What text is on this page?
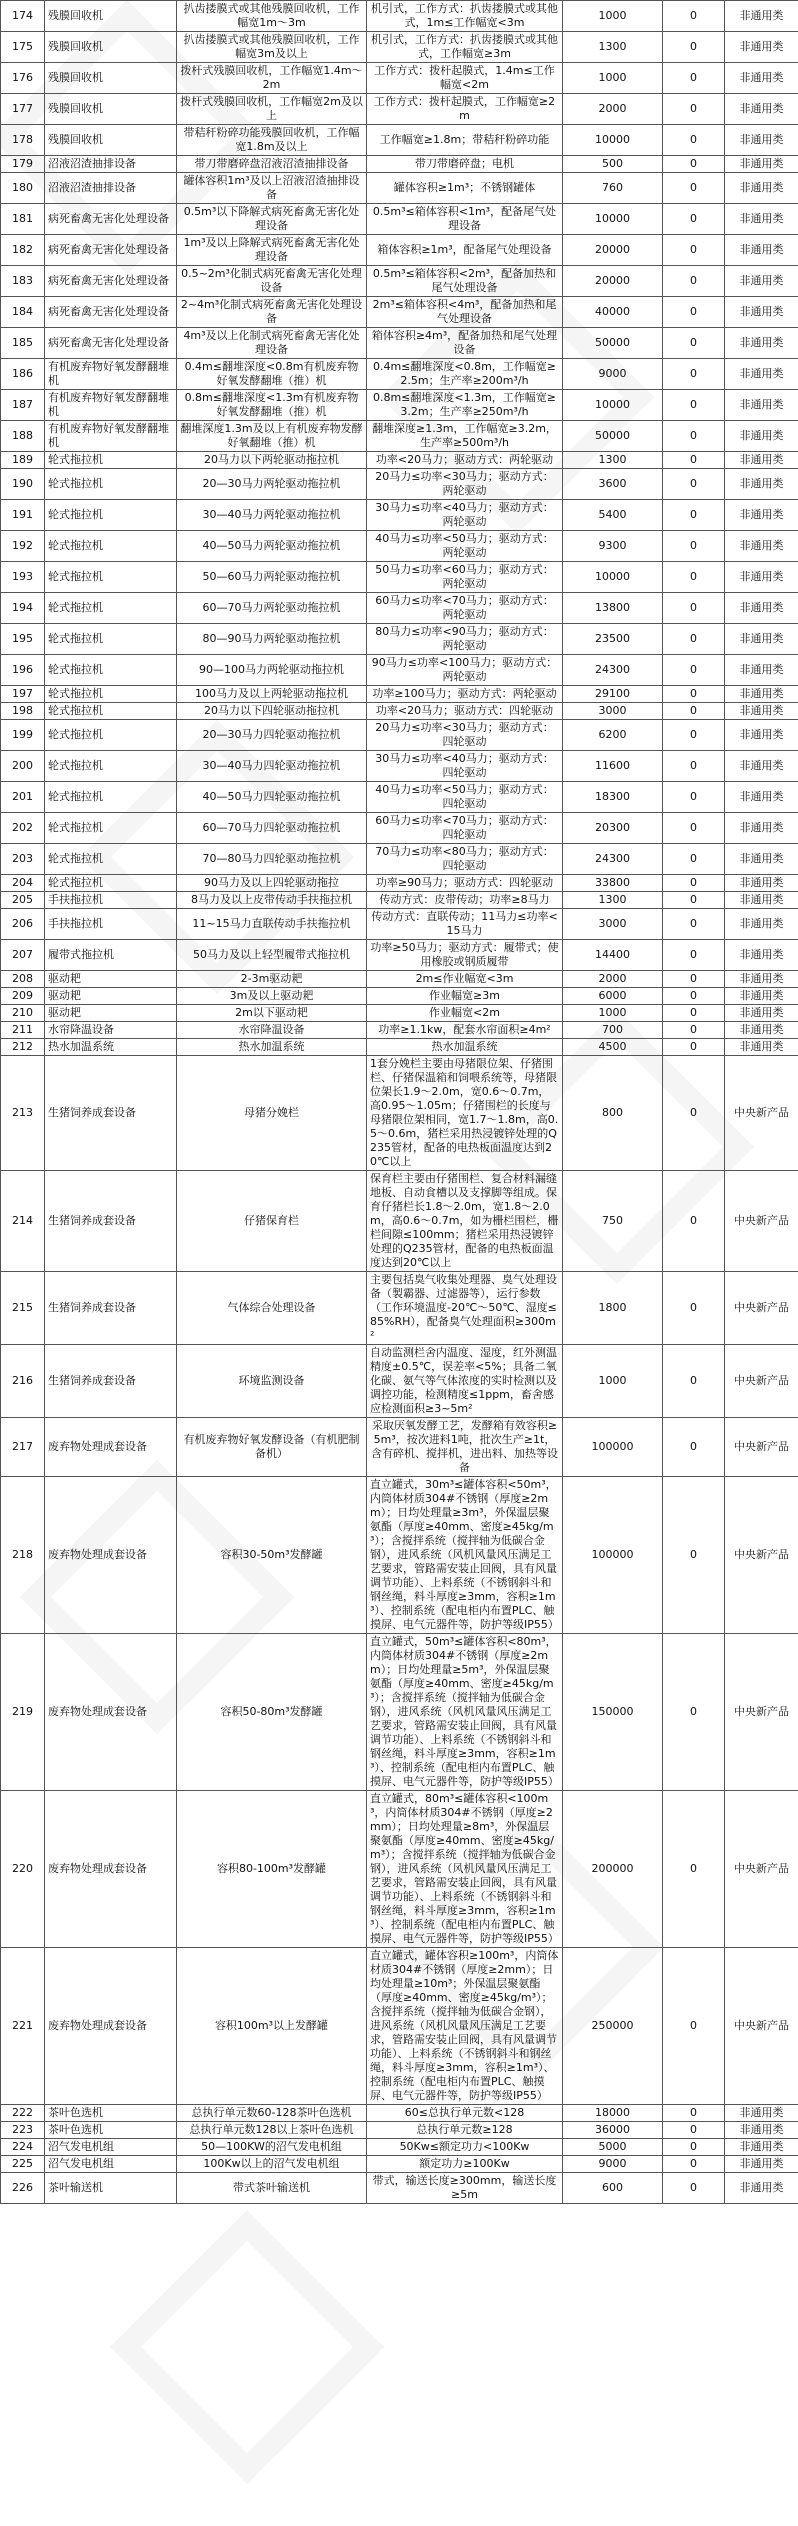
174	残膜回收机	扒齿搂膜式或其他残膜回收机，工作幅宽1m～3m	机引式，工作方式：扒齿搂膜式或其他式，1m≤工作幅宽<3m	1000	0	非通用类
175	残膜回收机	扒齿搂膜式或其他残膜回收机，工作幅宽3m及以上	机引式，工作方式：扒齿搂膜式或其他式，工作幅宽≥3m	1300	0	非通用类
176	残膜回收机	拨杆式残膜回收机，工作幅宽1.4m～2m	工作方式：拨杆起膜式，1.4m≤工作幅宽<2m	1000	0	非通用类
177	残膜回收机	拨杆式残膜回收机，工作幅宽2m及以上	工作方式：拨杆起膜式，工作幅宽≥2m	2000	0	非通用类
178	残膜回收机	带秸秆粉碎功能残膜回收机，工作幅宽1.8m及以上	工作幅宽≥1.8m；带秸秆粉碎功能	10000	0	非通用类
179	沼液沼渣抽排设备	带刀带磨碎盘沼液沼渣抽排设备	带刀带磨碎盘；电机	500	0	非通用类
180	沼液沼渣抽排设备	罐体容积1m³及以上沼液沼渣抽排设备	罐体容积≥1m³；不锈钢罐体	760	0	非通用类
181	病死畜禽无害化处理设备	0.5m³以下降解式病死畜禽无害化处理设备	0.5m³≤箱体容积<1m³，配备尾气处理设备	10000	0	非通用类
182	病死畜禽无害化处理设备	1m³及以上降解式病死畜禽无害化处理设备	箱体容积≥1m³，配备尾气处理设备	20000	0	非通用类
183	病死畜禽无害化处理设备	0.5~2m³化制式病死畜禽无害化处理设备	0.5m³≤箱体容积<2m³，配备加热和尾气处理设备	20000	0	非通用类
184	病死畜禽无害化处理设备	2~4m³化制式病死畜禽无害化处理设备	2m³≤箱体容积<4m³，配备加热和尾气处理设备	40000	0	非通用类
185	病死畜禽无害化处理设备	4m³及以上化制式病死畜禽无害化处理设备	箱体容积≥4m³，配备加热和尾气处理设备	50000	0	非通用类
186	有机废弃物好氧发酵翻堆机	0.4m≤翻堆深度<0.8m有机废弃物好氧发酵翻堆（推）机	0.4m≤翻堆深度<0.8m，工作幅宽≥2.5m；生产率≥200m³/h	9000	0	非通用类
187	有机废弃物好氧发酵翻堆机	0.8m≤翻堆深度<1.3m有机废弃物好氧发酵翻堆（推）机	0.8m≤翻堆深度<1.3m，工作幅宽≥3.2m；生产率≥250m³/h	10000	0	非通用类
188	有机废弃物好氧发酵翻堆机	翻堆深度1.3m及以上有机废弃物发酵好氧翻堆（推）机	翻堆深度≥1.3m，工作幅宽≥3.2m，生产率≥500m³/h	50000	0	非通用类
189	轮式拖拉机	20马力以下两轮驱动拖拉机	功率<20马力；驱动方式：两轮驱动	1300	0	非通用类
190	轮式拖拉机	20—30马力两轮驱动拖拉机	20马力≤功率<30马力；驱动方式：两轮驱动	3600	0	非通用类
191	轮式拖拉机	30—40马力两轮驱动拖拉机	30马力≤功率<40马力；驱动方式：两轮驱动	5400	0	非通用类
192	轮式拖拉机	40—50马力两轮驱动拖拉机	40马力≤功率<50马力；驱动方式：两轮驱动	9300	0	非通用类
193	轮式拖拉机	50—60马力两轮驱动拖拉机	50马力≤功率<60马力；驱动方式：两轮驱动	10000	0	非通用类
194	轮式拖拉机	60—70马力两轮驱动拖拉机	60马力≤功率<70马力；驱动方式：两轮驱动	13800	0	非通用类
195	轮式拖拉机	80—90马力两轮驱动拖拉机	80马力≤功率<90马力；驱动方式：两轮驱动	23500	0	非通用类
196	轮式拖拉机	90—100马力两轮驱动拖拉机	90马力≤功率<100马力；驱动方式：两轮驱动	24300	0	非通用类
197	轮式拖拉机	100马力及以上两轮驱动拖拉机	功率≥100马力；驱动方式：两轮驱动	29100	0	非通用类
198	轮式拖拉机	20马力以下四轮驱动拖拉机	功率<20马力；驱动方式：四轮驱动	3000	0	非通用类
199	轮式拖拉机	20—30马力四轮驱动拖拉机	20马力≤功率<30马力；驱动方式：四轮驱动	6200	0	非通用类
200	轮式拖拉机	30—40马力四轮驱动拖拉机	30马力≤功率<40马力；驱动方式：四轮驱动	11600	0	非通用类
201	轮式拖拉机	40—50马力四轮驱动拖拉机	40马力≤功率<50马力；驱动方式：四轮驱动	18300	0	非通用类
202	轮式拖拉机	60—70马力四轮驱动拖拉机	60马力≤功率<70马力；驱动方式：四轮驱动	20300	0	非通用类
203	轮式拖拉机	70—80马力四轮驱动拖拉机	70马力≤功率<80马力；驱动方式：四轮驱动	24300	0	非通用类
204	轮式拖拉机	90马力及以上四轮驱动拖拉	功率≥90马力；驱动方式：四轮驱动	33800	0	非通用类
205	手扶拖拉机	8马力及以上皮带传动手扶拖拉机	传动方式：皮带传动；功率≥8马力	1300	0	非通用类
206	手扶拖拉机	11~15马力直联传动手扶拖拉机	传动方式：直联传动；11马力≤功率<15马力	3000	0	非通用类
207	履带式拖拉机	50马力及以上轻型履带式拖拉机	功率≥50马力；驱动方式：履带式；使用橡胶或钢质履带	14400	0	非通用类
208	驱动耙	2-3m驱动耙	2m≤作业幅宽<3m	2000	0	非通用类
209	驱动耙	3m及以上驱动耙	作业幅宽≥3m	6000	0	非通用类
210	驱动耙	2m以下驱动耙	作业幅宽<2m	1000	0	非通用类
211	水帘降温设备	水帘降温设备	功率≥1.1kw，配套水帘面积≥4m²	700	0	非通用类
212	热水加温系统	热水加温系统	热水加温系统	4500	0	非通用类
213	生猪饲养成套设备	母猪分娩栏	1套分娩栏主要由母猪限位架、仔猪围栏、仔猪保温箱和饲喂系统等，母猪限位架长1.9～2.0m，宽0.6～0.7m，高0.95～1.05m；仔猪围栏的长度与母猪限位架相同，宽1.7～1.8m，高0.5～0.6m，猪栏采用热浸镀锌处理的Q235管材，配备的电热板面温度达到20℃以上	800	0	中央新产品
214	生猪饲养成套设备	仔猪保育栏	保育栏主要由仔猪围栏、复合材料漏缝地板、自动食槽以及支撑脚等组成。保育仔猪栏长1.8～2.0m，宽1.8～2.0m，高0.6～0.7m，如为栅栏围栏，栅栏间隙≤100mm；猪栏采用热浸镀锌处理的Q235管材，配备的电热板面温度达到20℃以上	750	0	中央新产品
215	生猪饲养成套设备	气体综合处理设备	主要包括臭气收集处理器、臭气处理设备（製霸器、过滤器等），运行参数（工作环境温度-20℃～50℃、湿度≤85%RH），配备臭气处理面积≥300m²	1800	0	中央新产品
216	生猪饲养成套设备	环境监测设备	自动监测栏舍内温度、湿度，红外测温精度±0.5℃，误差率<5%；具备二氧化碳、氨气等气体浓度的实时检测以及调控功能，检测精度≤1ppm，畜舍感应检测面积≥3~5m²	1000	0	中央新产品
217	废弃物处理成套设备	有机废弃物好氧发酵设备（有机肥制备机）	采取厌氧发酵工艺，发酵箱有效容积≥5m³，按次进料1吨，批次生产≥1t，含有碎机、搅拌机，进出料、加热等设备	100000	0	中央新产品
218	废弃物处理成套设备	容积30-50m³发酵罐	直立罐式，30m³≤罐体容积<50m³，内筒体材质304#不锈钢（厚度≥2mm）；日均处理量≥3m³，外保温层聚氨酯（厚度≥40mm、密度≥45kg/m³）；含搅拌系统（搅拌轴为低碳合金钢），进风系统（风机风量风压满足工艺要求，管路需安装止回阀，具有风量调节功能）、上料系统（不锈钢斜斗和钢丝绳，料斗厚度≥3mm，容积≥1m³）、控制系统（配电柜内布置PLC、触摸屏、电气元器件等，防护等级IP55）	100000	0	中央新产品
219	废弃物处理成套设备	容积50-80m³发酵罐	直立罐式，50m³≤罐体容积<80m³，内筒体材质304#不锈钢（厚度≥2mm）；日均处理量≥5m³，外保温层聚氨酯（厚度≥40mm、密度≥45kg/m³）；含搅拌系统（搅拌轴为低碳合金钢），进风系统（风机风量风压满足工艺要求，管路需安装止回阀，具有风量调节功能）、上料系统（不锈钢斜斗和钢丝绳，料斗厚度≥3mm，容积≥1m³）、控制系统（配电柜内布置PLC、触摸屏、电气元器件等，防护等级IP55）	150000	0	中央新产品
220	废弃物处理成套设备	容积80-100m³发酵罐	直立罐式，80m³≤罐体容积<100m³，内筒体材质304#不锈钢（厚度≥2mm）；日均处理量≥8m³，外保温层聚氨酯（厚度≥40mm、密度≥45kg/m³）；含搅拌系统（搅拌轴为低碳合金钢），进风系统（风机风量风压满足工艺要求，管路需安装止回阀，具有风量调节功能）、上料系统（不锈钢斜斗和钢丝绳，料斗厚度≥3mm，容积≥1m³）、控制系统（配电柜内布置PLC、触摸屏、电气元器件等，防护等级IP55）	200000	0	中央新产品
221	废弃物处理成套设备	容积100m³以上发酵罐	直立罐式，罐体容积≥100m³，内筒体材质304#不锈钢（厚度≥2mm）；日均处理量≥10m³；外保温层聚氨酯（厚度≥40mm、密度≥45kg/m³）；含搅拌系统（搅拌轴为低碳合金钢），进风系统（风机风量风压满足工艺要求，管路需安装止回阀，具有风量调节功能）、上料系统（不锈钢斜斗和钢丝绳，料斗厚度≥3mm，容积≥1m³）、控制系统（配电柜内布置PLC、触摸屏、电气元器件等，防护等级IP55）	250000	0	中央新产品
222	茶叶色选机	总执行单元数60-128茶叶色选机	60≤总执行单元数<128	18000	0	非通用类
223	茶叶色选机	总执行单元数128以上茶叶色选机	总执行单元数≥128	36000	0	非通用类
224	沼气发电机组	50—100KW的沼气发电机组	50Kw≤额定功力<100Kw	5000	0	非通用类
225	沼气发电机组	100Kw以上的沼气发电机组	额定功力≥100Kw	9000	0	非通用类
226	茶叶输送机	带式茶叶输送机	带式，输送长度≥300mm，输送长度≥5m	600	0	非通用类
